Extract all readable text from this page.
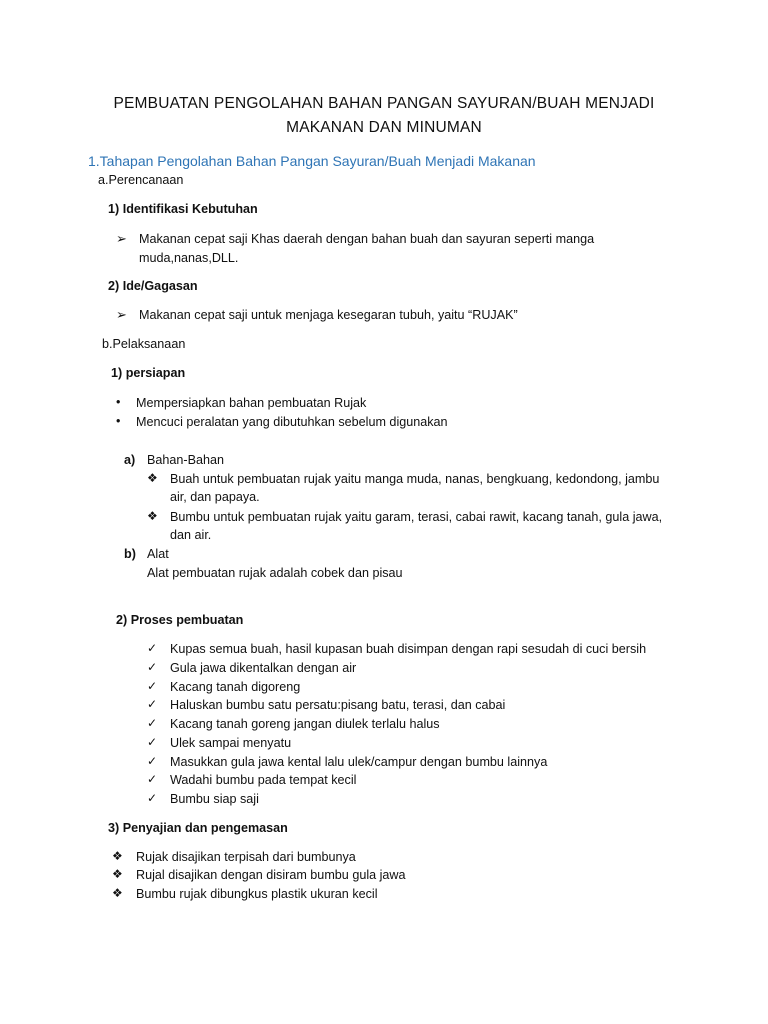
PEMBUATAN PENGOLAHAN BAHAN PANGAN SAYURAN/BUAH MENJADI
MAKANAN DAN MINUMAN
1.Tahapan Pengolahan Bahan Pangan Sayuran/Buah Menjadi Makanan
a.Perencanaan
1) Identifikasi Kebutuhan
➢ Makanan cepat saji Khas daerah dengan bahan buah dan sayuran seperti manga
muda,nanas,DLL.
2) Ide/Gagasan
➢ Makanan cepat saji untuk menjaga kesegaran tubuh, yaitu “RUJAK”
b.Pelaksanaan
1) persiapan
• Mempersiapkan bahan pembuatan Rujak
• Mencuci peralatan yang dibutuhkan sebelum digunakan
a) Bahan-Bahan
❖ Buah untuk pembuatan rujak yaitu manga muda, nanas, bengkuang, kedondong, jambu
air, dan papaya.
❖ Bumbu untuk pembuatan rujak yaitu garam, terasi, cabai rawit, kacang tanah, gula jawa,
dan air.
b) Alat
Alat pembuatan rujak adalah cobek dan pisau
2) Proses pembuatan
✓ Kupas semua buah, hasil kupasan buah disimpan dengan rapi sesudah di cuci bersih
✓ Gula jawa dikentalkan dengan air
✓ Kacang tanah digoreng
✓ Haluskan bumbu satu persatu:pisang batu, terasi, dan cabai
✓ Kacang tanah goreng jangan diulek terlalu halus
✓ Ulek sampai menyatu
✓ Masukkan gula jawa kental lalu ulek/campur dengan bumbu lainnya
✓ Wadahi bumbu pada tempat kecil
✓ Bumbu siap saji
3) Penyajian dan pengemasan
❖ Rujak disajikan terpisah dari bumbunya
❖ Rujal disajikan dengan disiram bumbu gula jawa
❖ Bumbu rujak dibungkus plastik ukuran kecil
